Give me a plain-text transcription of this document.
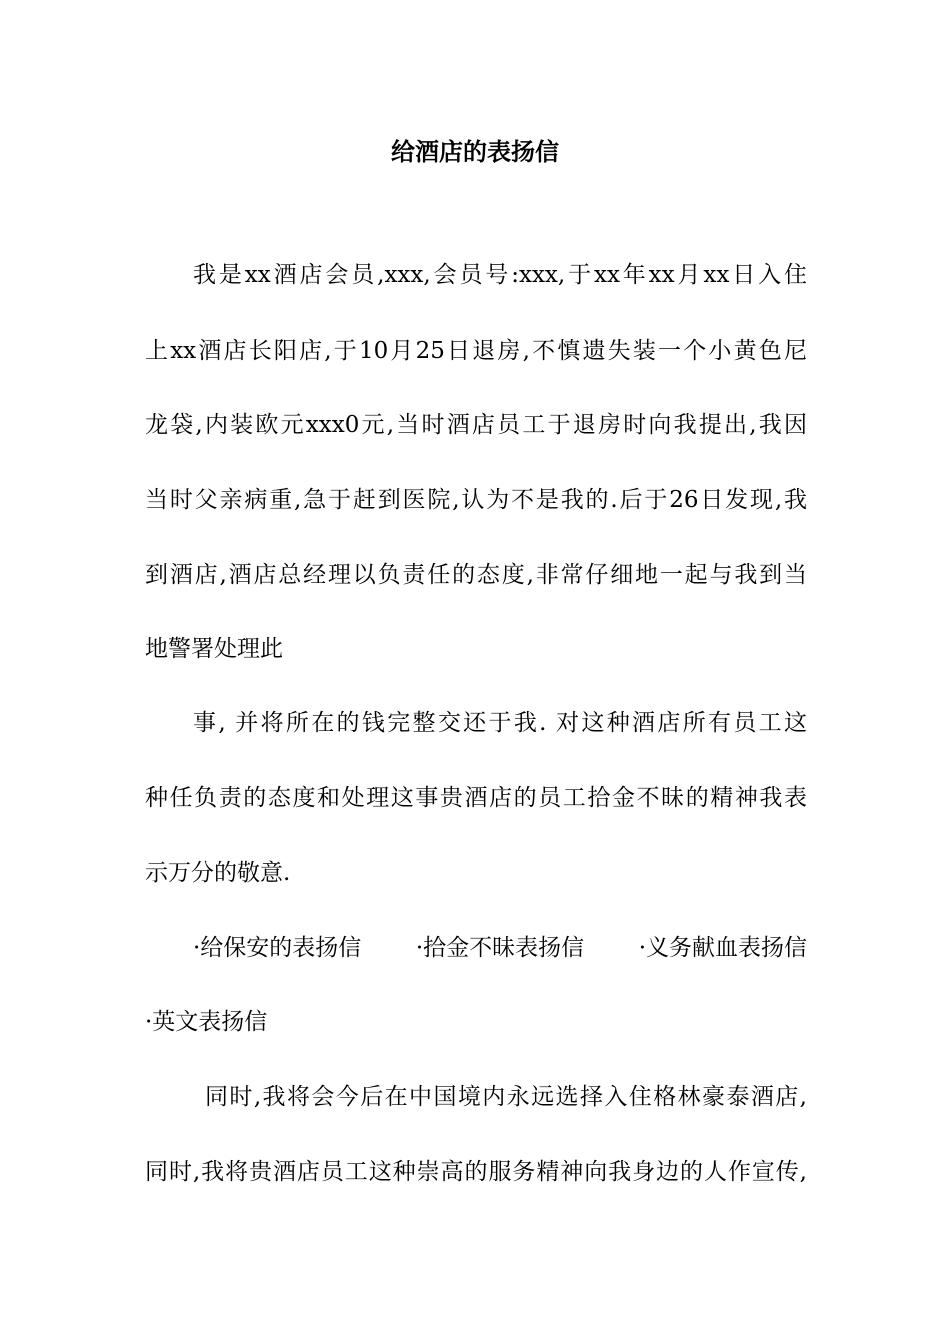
给酒店的表扬信
我是xx酒店会员,xxx,会员号:xxx,于xx年xx月xx日入住
上xx酒店长阳店,于10月25日退房,不慎遗失装一个小黄色尼
龙袋,内装欧元xxx0元,当时酒店员工于退房时向我提出,我因
当时父亲病重,急于赶到医院,认为不是我的.后于26日发现,我
到酒店,酒店总经理以负责任的态度,非常仔细地一起与我到当
地警署处理此
事, 并将所在的钱完整交还于我. 对这种酒店所有员工这
种任负责的态度和处理这事贵酒店的员工拾金不昧的精神我表
示万分的敬意.
·给保安的表扬信 ·拾金不昧表扬信 ·义务献血表扬信
·英文表扬信
同时,我将会今后在中国境内永远选择入住格林豪泰酒店,
同时,我将贵酒店员工这种崇高的服务精神向我身边的人作宣传,
